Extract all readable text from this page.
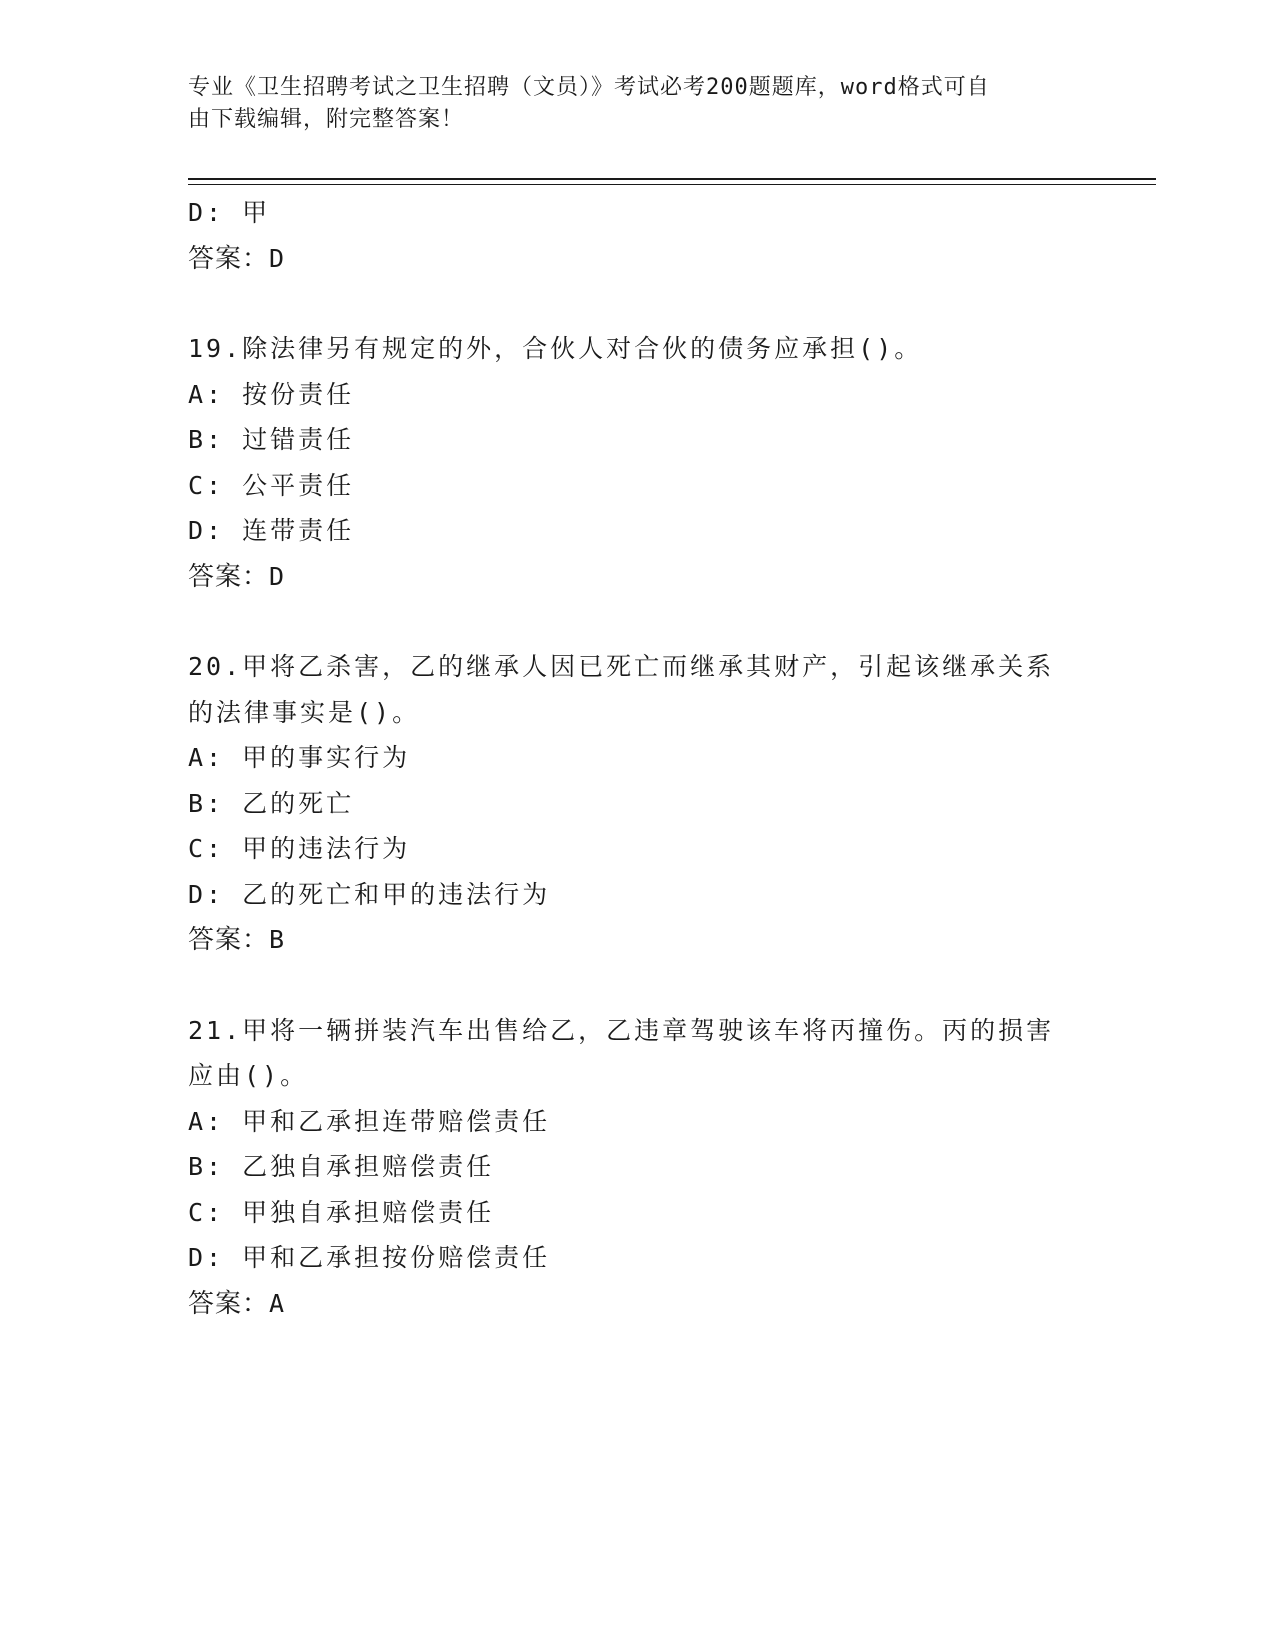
专业《卫生招聘考试之卫生招聘（文员）》考试必考200题题库，word格式可自
由下载编辑，附完整答案！
D: 甲
答案：D
19.除法律另有规定的外，合伙人对合伙的债务应承担()。
A: 按份责任
B: 过错责任
C: 公平责任
D: 连带责任
答案：D
20.甲将乙杀害，乙的继承人因已死亡而继承其财产，引起该继承关系
的法律事实是()。
A: 甲的事实行为
B: 乙的死亡
C: 甲的违法行为
D: 乙的死亡和甲的违法行为
答案：B
21.甲将一辆拼装汽车出售给乙，乙违章驾驶该车将丙撞伤。丙的损害
应由()。
A: 甲和乙承担连带赔偿责任
B: 乙独自承担赔偿责任
C: 甲独自承担赔偿责任
D: 甲和乙承担按份赔偿责任
答案：A
